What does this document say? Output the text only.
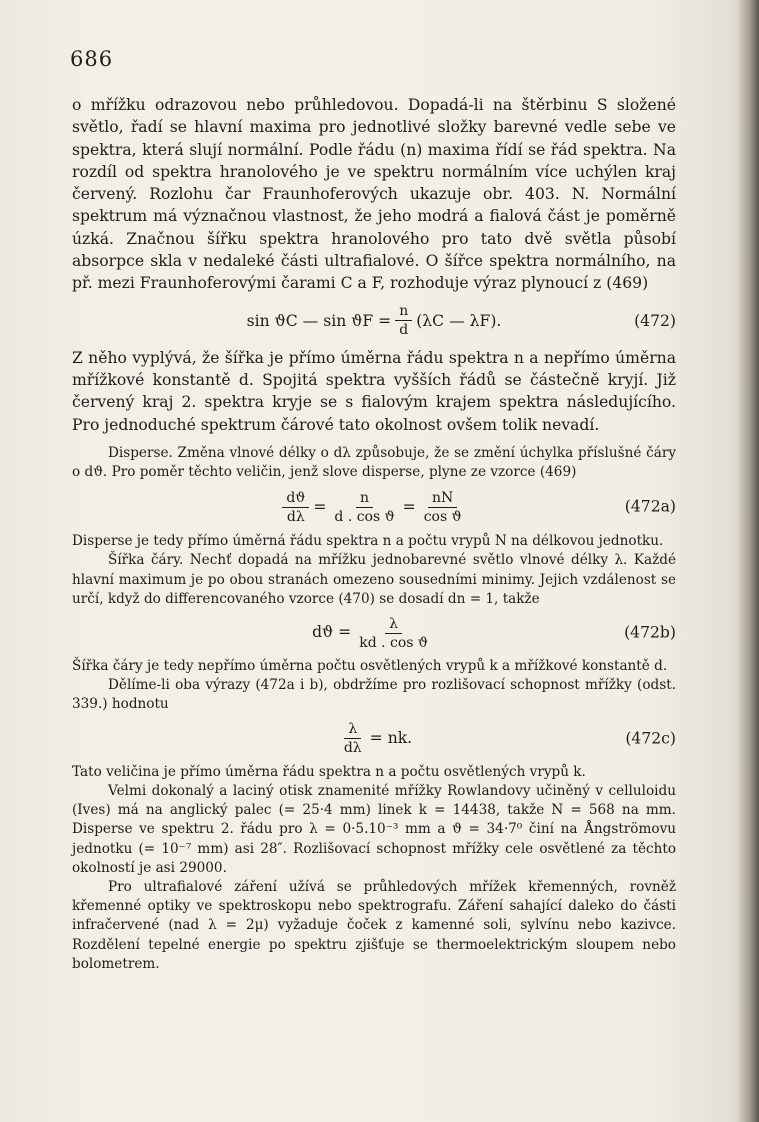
686

o mřížku odrazovou nebo průhledovou. Dopadá-li na štěrbinu S složené světlo, řadí se hlavní maxima pro jednotlivé složky barevné vedle sebe ve spektra, která slují normální. Podle řádu (n) maxima řídí se řád spektra. Na rozdíl od spektra hranolového je ve spektru normálním více uchýlen kraj červený. Rozlohu čar Fraunhoferových ukazuje obr. 403. N. Normální spektrum má význačnou vlastnost, že jeho modrá a fialová část je poměrně úzká. Značnou šířku spektra hranolového pro tato dvě světla působí absorpce skla v nedaleké části ultrafialové. O šířce spektra normálního, na př. mezi Fraunhoferovými čarami C a F, rozhoduje výraz plynoucí z (469)

sin ϑC — $\sin ϑF = \frac{n}{d} (\lambda C$ — λF).	(472)

Z něho vyplývá, že šířka je přímo úměrna řádu spektra n a nepřímo úměrna mřížkové konstantě d. Spojitá spektra vyšších řádů se částečně kryjí. Již červený kraj 2. spektra kryje se s fialovým krajem spektra následujícího. Pro jednoduché spektrum čárové tato okolnost ovšem tolik nevadí.

Disperse. Změna vlnové délky o dλ způsobuje, že se změní úchylka příslušné čáry o dϑ. Pro poměr těchto veličin, jenž slove disperse, plyne ze vzorce (469)

$\frac{dϑ}{d\lambda} = \frac{n}{\text{d . cos ϑ}} = \frac{nN}{\text{cos ϑ}}$	(472a)

Disperse je tedy přímo úměrná řádu spektra n a počtu vrypů N na délkovou jednotku.

Šířka čáry. Nechť dopadá na mřížku jednobarevné světlo vlnové délky λ. Každé hlavní maximum je po obou stranách omezeno sousedními minimy. Jejich vzdálenost se určí, když do differencovaného vzorce (470) se dosadí dn = 1, takže

$dϑ = \frac{\lambda}{\text{kd . cos ϑ}}$	(472b)

Šířka čáry je tedy nepřímo úměrna počtu osvětlených vrypů k a mřížkové konstantě d.

Dělíme-li oba výrazy (472a i b), obdržíme pro rozlišovací schopnost mřížky (odst. 339.) hodnotu

$\frac{\lambda}{d\lambda}$ = nk.	(472c)

Tato veličina je přímo úměrna řádu spektra n a počtu osvětlených vrypů k.

Velmi dokonalý a laciný otisk znamenité mřížky Rowlandovy učiněný v celluloidu (Ives) má na anglický palec (= 25·4 mm) linek k = 14438, takže N = 568 na mm. Disperse ve spektru 2. řádu pro λ = 0·5.10⁻³ mm a ϑ = 34·7⁰ činí na Ångströmovu jednotku (= 10⁻⁷ mm) asi 28″. Rozlišovací schopnost mřížky cele osvětlené za těchto okolností je asi 29000.

Pro ultrafialové záření užívá se průhledových mřížek křemenných, rovněž křemenné optiky ve spektroskopu nebo spektrografu. Záření sahající daleko do části infračervené (nad λ = 2μ) vyžaduje čoček z kamenné soli, sylvínu nebo kazivce. Rozdělení tepelné energie po spektru zjišťuje se thermoelektrickým sloupem nebo bolometrem.
